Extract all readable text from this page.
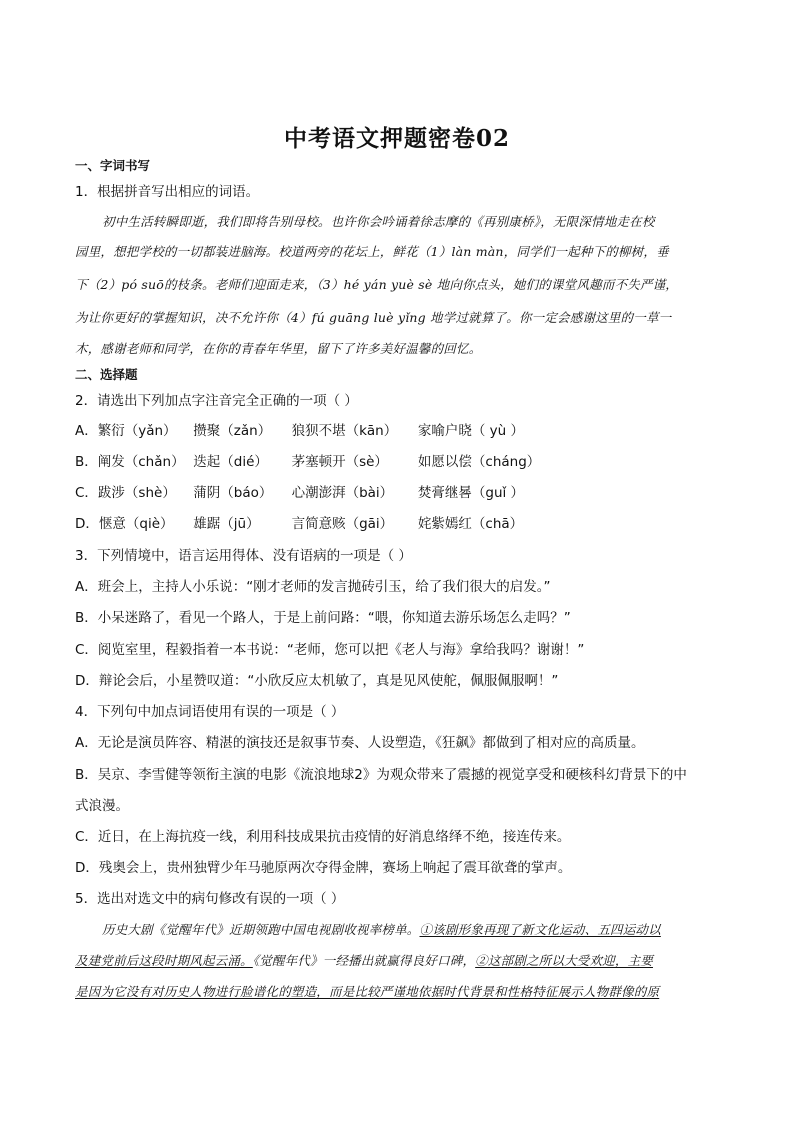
中考语文押题密卷02
一、字词书写
1．根据拼音写出相应的词语。
初中生活转瞬即逝，我们即将告别母校。也许你会吟诵着徐志摩的《再别康桥》，无限深情地走在校
园里，想把学校的一切都装进脑海。校道两旁的花坛上，鲜花（1）làn màn，同学们一起种下的柳树，垂
下（2）pó suō的枝条。老师们迎面走来，（3）hé yán yuè sè 地向你点头，她们的课堂风趣而不失严谨，
为让你更好的掌握知识，决不允许你（4）fú guāng luè yǐng 地学过就算了。你一定会感谢这里的一草一
木，感谢老师和同学，在你的青春年华里，留下了许多美好温馨的回忆。
二、选择题
2．请选出下列加点字注音完全正确的一项（ ）
A．繁衍（yǎn） 攒聚（zǎn） 狼狈不堪（kān） 家喻户晓（ yù ）
B．阐发（chǎn） 迭起（dié） 茅塞顿开（sè） 如愿以偿（cháng）
C．跋涉（shè） 蒲阴（báo） 心潮澎湃（bài） 焚膏继晷（guǐ ）
D．惬意（qiè） 雄踞（jū） 言简意赅（gāi） 姹紫嫣红（chā）
3．下列情境中，语言运用得体、没有语病的一项是（ ）
A．班会上，主持人小乐说：“刚才老师的发言抛砖引玉，给了我们很大的启发。”
B．小呆迷路了，看见一个路人，于是上前问路：“喂，你知道去游乐场怎么走吗？”
C．阅览室里，程毅指着一本书说：“老师，您可以把《老人与海》拿给我吗？谢谢！”
D．辩论会后，小星赞叹道：“小欣反应太机敏了，真是见风使舵，佩服佩服啊！”
4．下列句中加点词语使用有误的一项是（ ）
A．无论是演员阵容、精湛的演技还是叙事节奏、人设塑造，《狂飙》都做到了相对应的高质量。
B．吴京、李雪健等领衔主演的电影《流浪地球2》为观众带来了震撼的视觉享受和硬核科幻背景下的中
式浪漫。
C．近日，在上海抗疫一线，利用科技成果抗击疫情的好消息络绎不绝，接连传来。
D．残奥会上，贵州独臂少年马驰原两次夺得金牌，赛场上响起了震耳欲聋的掌声。
5．选出对选文中的病句修改有误的一项（ ）
历史大剧《觉醒年代》近期领跑中国电视剧收视率榜单。①该剧形象再现了新文化运动、五四运动以
及建党前后这段时期风起云涌。《觉醒年代》一经播出就赢得良好口碑，②这部剧之所以大受欢迎，主要
是因为它没有对历史人物进行脸谱化的塑造，而是比较严谨地依据时代背景和性格特征展示人物群像的原
